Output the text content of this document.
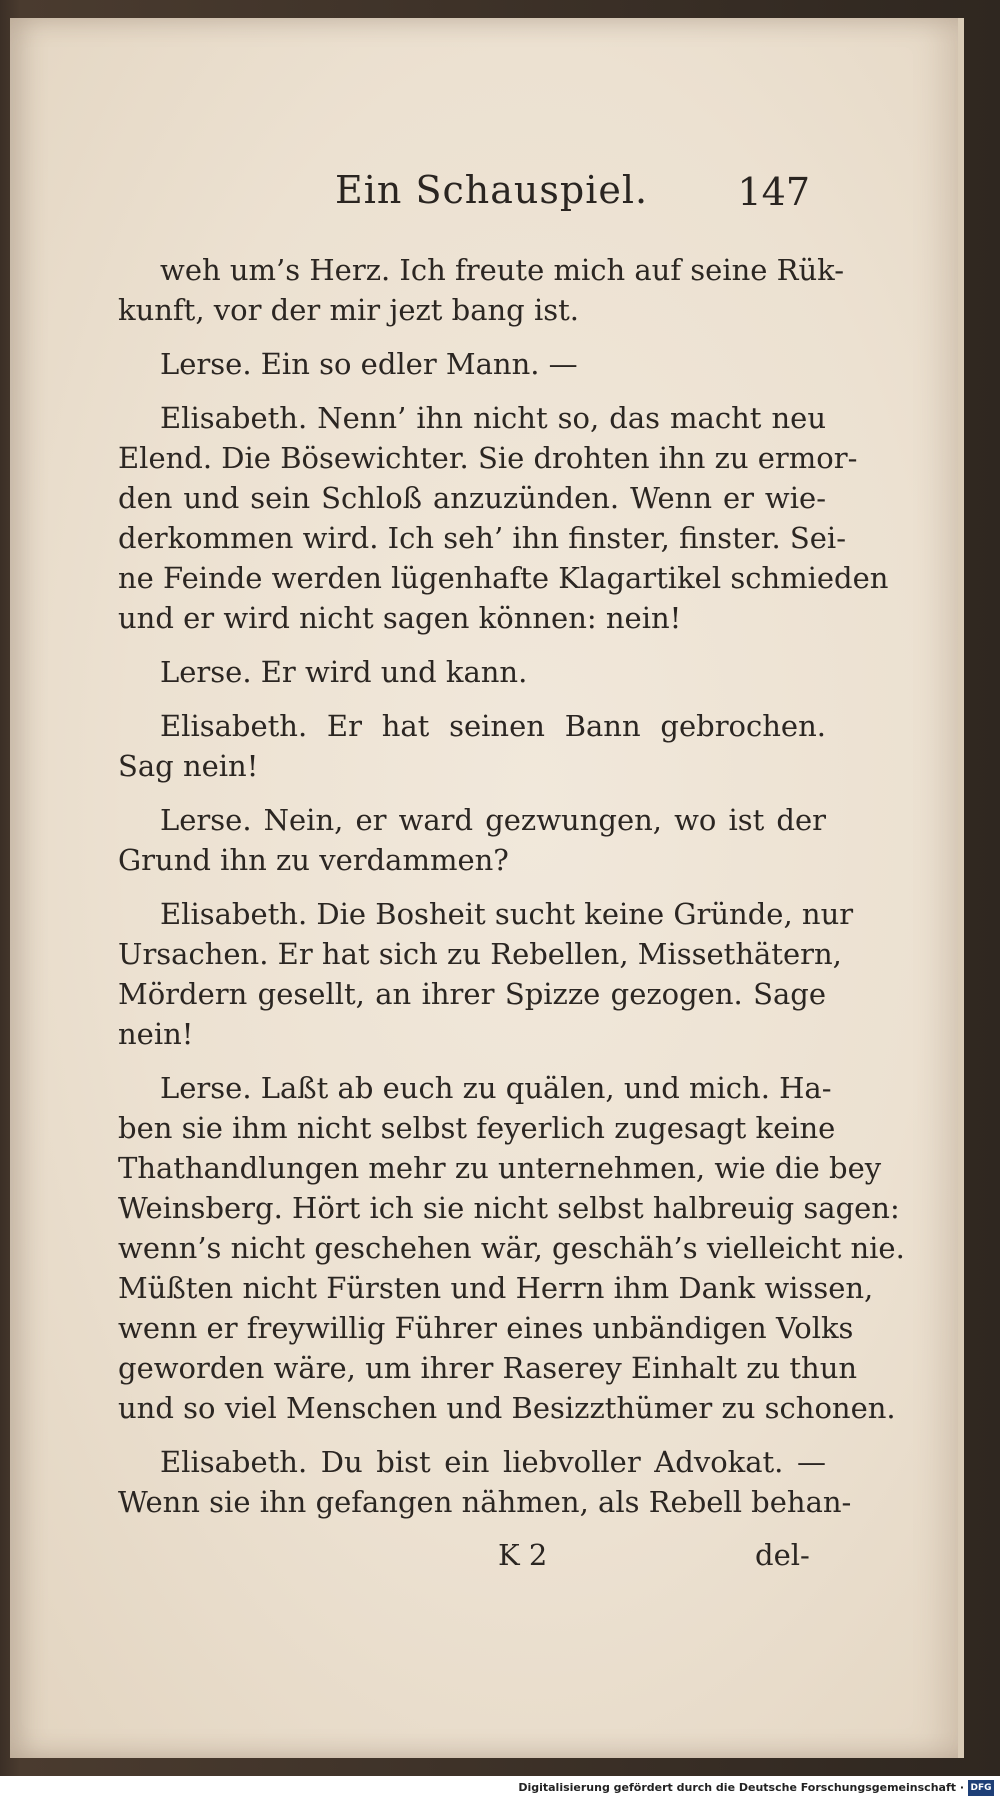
Ein Schauspiel. 147
weh um’s Herz. Ich freute mich auf seine Rük-
kunft, vor der mir jezt bang ist.
Lerse. Ein so edler Mann. —
Elisabeth. Nenn’ ihn nicht so, das macht neu
Elend. Die Bösewichter. Sie drohten ihn zu ermor-
den und sein Schloß anzuzünden. Wenn er wie-
derkommen wird. Ich seh’ ihn finster, finster. Sei-
ne Feinde werden lügenhafte Klagartikel schmieden
und er wird nicht sagen können: nein!
Lerse. Er wird und kann.
Elisabeth. Er hat seinen Bann gebrochen.
Sag nein!
Lerse. Nein, er ward gezwungen, wo ist der
Grund ihn zu verdammen?
Elisabeth. Die Bosheit sucht keine Gründe, nur
Ursachen. Er hat sich zu Rebellen, Missethätern,
Mördern gesellt, an ihrer Spizze gezogen. Sage
nein!
Lerse. Laßt ab euch zu quälen, und mich. Ha-
ben sie ihm nicht selbst feyerlich zugesagt keine
Thathandlungen mehr zu unternehmen, wie die bey
Weinsberg. Hört ich sie nicht selbst halbreuig sagen:
wenn’s nicht geschehen wär, geschäh’s vielleicht nie.
Müßten nicht Fürsten und Herrn ihm Dank wissen,
wenn er freywillig Führer eines unbändigen Volks
geworden wäre, um ihrer Raserey Einhalt zu thun
und so viel Menschen und Besizzthümer zu schonen.
Elisabeth. Du bist ein liebvoller Advokat. —
Wenn sie ihn gefangen nähmen, als Rebell behan-
K 2	del-
Digitalisierung gefördert durch die Deutsche Forschungsgemeinschaft · DFG
